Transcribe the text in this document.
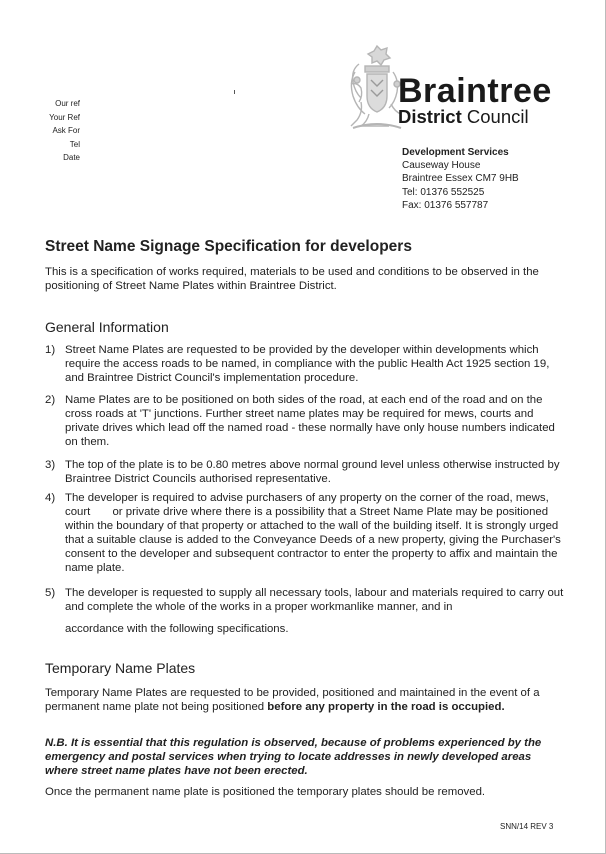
Our ref
Your Ref
Ask For
Tel
Date
Braintree
District Council
Development Services
Causeway House
Braintree Essex CM7 9HB
Tel: 01376 552525
Fax: 01376 557787
Street Name Signage Specification for developers

This is a specification of works required, materials to be used and conditions to be observed in the positioning of Street Name Plates within Braintree District.

General Information
1) Street Name Plates are requested to be provided by the developer within developments which require the access roads to be named, in compliance with the public Health Act 1925 section 19, and Braintree District Council's implementation procedure.
2) Name Plates are to be positioned on both sides of the road, at each end of the road and on the cross roads at 'T' junctions. Further street name plates may be required for mews, courts and private drives which lead off the named road - these normally have only house numbers indicated on them.
3) The top of the plate is to be 0.80 metres above normal ground level unless otherwise instructed by Braintree District Councils authorised representative.
4) The developer is required to advise purchasers of any property on the corner of the road, mews, court       or private drive where there is a possibility that a Street Name Plate may be positioned within the boundary of that property or attached to the wall of the building itself. It is strongly urged that a suitable clause is added to the Conveyance Deeds of a new property, giving the Purchaser's consent to the developer and subsequent contractor to enter the property to affix and maintain the name plate.
5) The developer is requested to supply all necessary tools, labour and materials required to carry out  and complete the whole of the works in a proper workmanlike manner, and in

accordance with the following specifications.

Temporary Name Plates

Temporary Name Plates are requested to be provided, positioned and maintained in the event of a permanent name plate not being positioned before any property in the road is occupied.

N.B. It is essential that this regulation is observed, because of problems experienced by the emergency and postal services when trying to locate addresses in newly developed areas where street name plates have not been erected.

Once the permanent name plate is positioned the temporary plates should be removed.

SNN/14 REV 3
